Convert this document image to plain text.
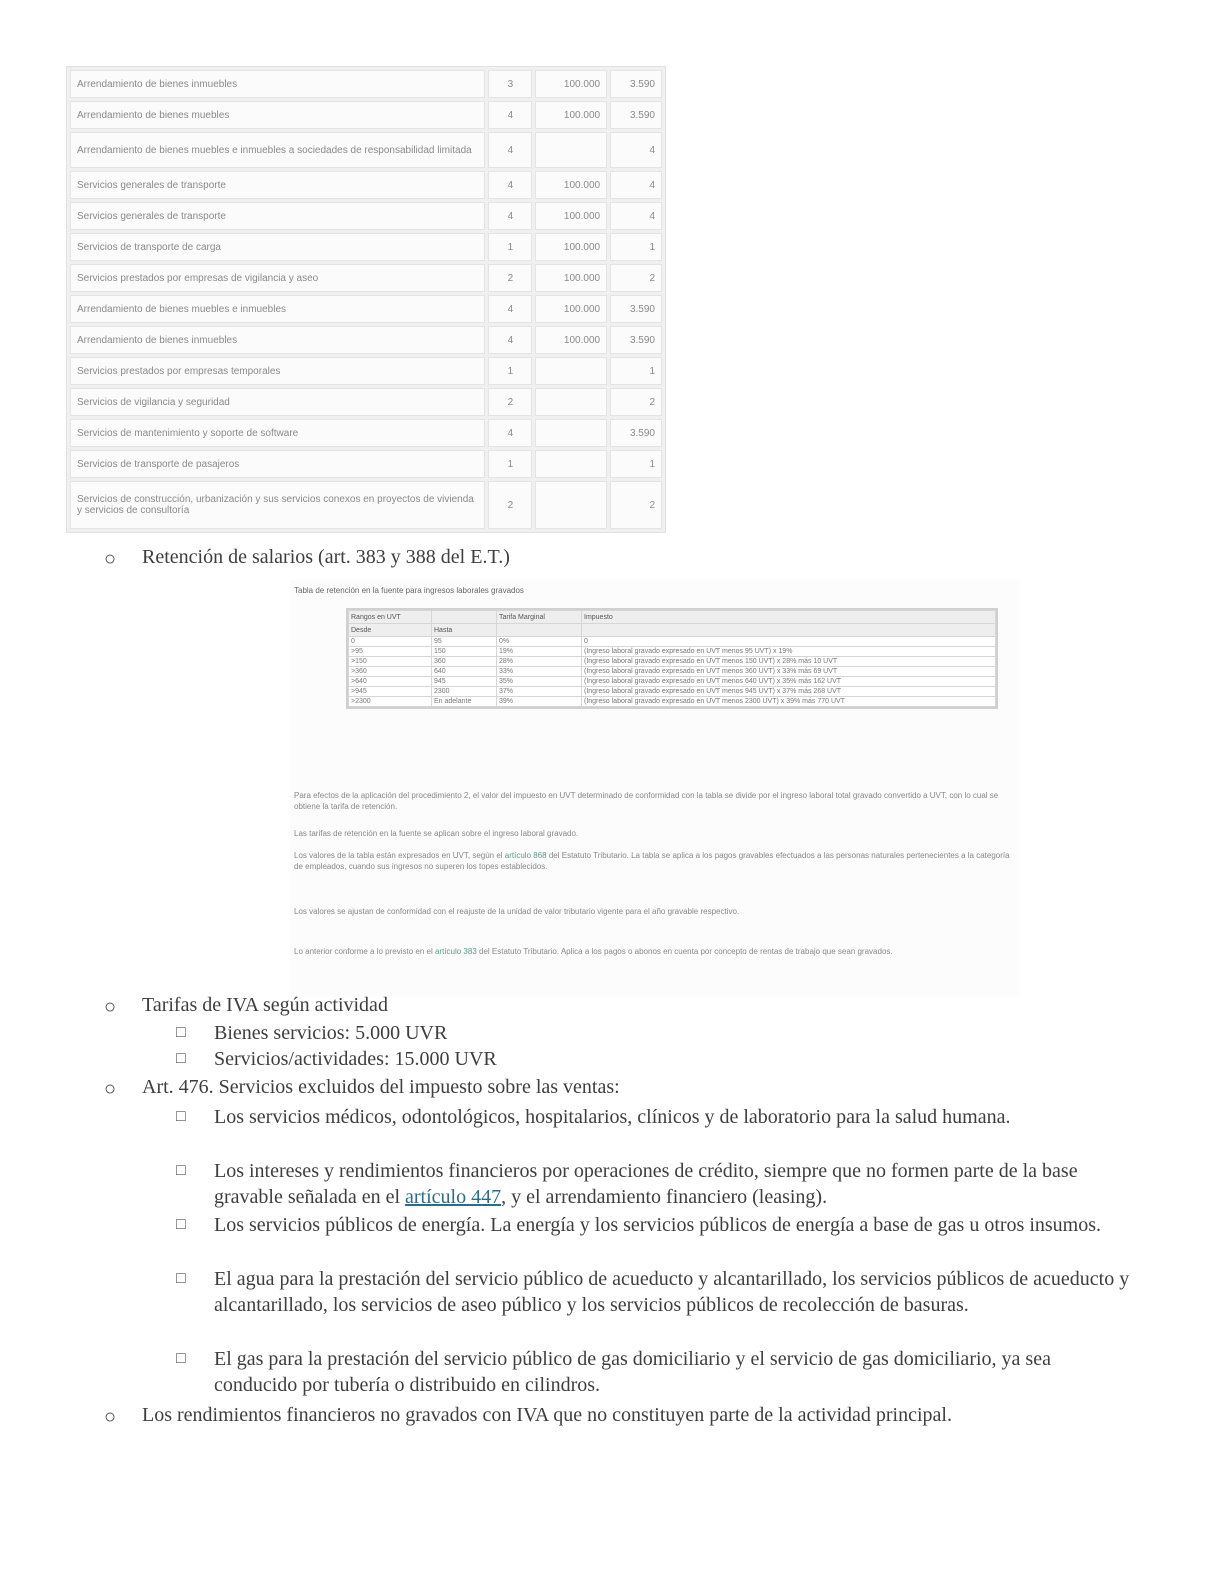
Arrendamiento de bienes inmuebles	3	100.000	3.590
Arrendamiento de bienes muebles	4	100.000	3.590
Arrendamiento de bienes muebles e inmuebles a sociedades de responsabilidad limitada	4		4
Servicios generales de transporte	4	100.000	4
Servicios generales de transporte	4	100.000	4
Servicios de transporte de carga	1	100.000	1
Servicios prestados por empresas de vigilancia y aseo	2	100.000	2
Arrendamiento de bienes muebles e inmuebles	4	100.000	3.590
Arrendamiento de bienes inmuebles	4	100.000	3.590
Servicios prestados por empresas temporales	1		1
Servicios de vigilancia y seguridad	2		2
Servicios de mantenimiento y soporte de software	4		3.590
Servicios de transporte de pasajeros	1		1
Servicios de construcción, urbanización y sus servicios conexos en proyectos de vivienda y servicios de consultoría	2		2
○ Retención de salarios (art. 383 y 388 del E.T.)
Tabla de retención en la fuente para ingresos laborales gravados
Rangos en UVT		Tarifa Marginal	Impuesto
Desde	Hasta		
0	95	0%	0
>95	150	19%	(Ingreso laboral gravado expresado en UVT menos 95 UVT) x 19%
>150	360	28%	(Ingreso laboral gravado expresado en UVT menos 150 UVT) x 28% más 10 UVT
>360	640	33%	(Ingreso laboral gravado expresado en UVT menos 360 UVT) x 33% más 69 UVT
>640	945	35%	(Ingreso laboral gravado expresado en UVT menos 640 UVT) x 35% más 162 UVT
>945	2300	37%	(Ingreso laboral gravado expresado en UVT menos 945 UVT) x 37% más 268 UVT
>2300	En adelante	39%	(Ingreso laboral gravado expresado en UVT menos 2300 UVT) x 39% más 770 UVT
Para efectos de la aplicación del procedimiento 2, el valor del impuesto en UVT determinado de conformidad con la tabla se divide por el ingreso laboral total gravado convertido a UVT, con lo cual se obtiene la tarifa de retención.
Las tarifas de retención en la fuente se aplican sobre el ingreso laboral gravado.
Los valores de la tabla están expresados en UVT, según el artículo 868 del Estatuto Tributario. La tabla se aplica a los pagos gravables efectuados a las personas naturales pertenecientes a la categoría de empleados, cuando sus ingresos no superen los topes establecidos.
Los valores se ajustan de conformidad con el reajuste de la unidad de valor tributario vigente para el año gravable respectivo.
Lo anterior conforme a lo previsto en el artículo 383 del Estatuto Tributario. Aplica a los pagos o abonos en cuenta por concepto de rentas de trabajo que sean gravados.
○ Tarifas de IVA según actividad
□ Bienes servicios: 5.000 UVR
□ Servicios/actividades: 15.000 UVR
○ Art. 476. Servicios excluidos del impuesto sobre las ventas:
□ Los servicios médicos, odontológicos, hospitalarios, clínicos y de laboratorio para la salud humana.
□ Los intereses y rendimientos financieros por operaciones de crédito, siempre que no formen parte de la base gravable señalada en el artículo 447, y el arrendamiento financiero (leasing).
□ Los servicios públicos de energía. La energía y los servicios públicos de energía a base de gas u otros insumos.
□ El agua para la prestación del servicio público de acueducto y alcantarillado, los servicios públicos de acueducto y alcantarillado, los servicios de aseo público y los servicios públicos de recolección de basuras.
□ El gas para la prestación del servicio público de gas domiciliario y el servicio de gas domiciliario, ya sea conducido por tubería o distribuido en cilindros.
○ Los rendimientos financieros no gravados con IVA que no constituyen parte de la actividad principal.
